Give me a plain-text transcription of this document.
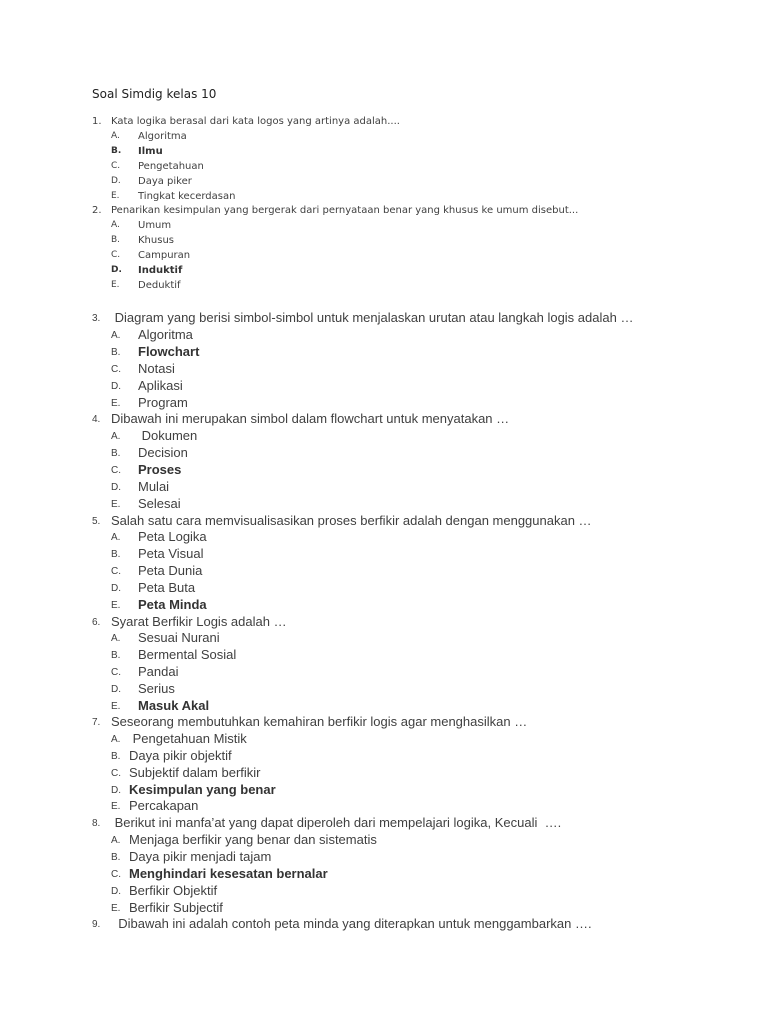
Soal Simdig kelas 10
1. Kata logika berasal dari kata logos yang artinya adalah....
A. Algoritma
B. Ilmu
C. Pengetahuan
D. Daya piker
E. Tingkat kecerdasan
2. Penarikan kesimpulan yang bergerak dari pernyataan benar yang khusus ke umum disebut...
A. Umum
B. Khusus
C. Campuran
D. Induktif
E. Deduktif
3. Diagram yang berisi simbol-simbol untuk menjalaskan urutan atau langkah logis adalah …
A. Algoritma
B. Flowchart
C. Notasi
D. Aplikasi
E. Program
4. Dibawah ini merupakan simbol dalam flowchart untuk menyatakan …
A. Dokumen
B. Decision
C. Proses
D. Mulai
E. Selesai
5. Salah satu cara memvisualisasikan proses berfikir adalah dengan menggunakan …
A. Peta Logika
B. Peta Visual
C. Peta Dunia
D. Peta Buta
E. Peta Minda
6. Syarat Berfikir Logis adalah …
A. Sesuai Nurani
B. Bermental Sosial
C. Pandai
D. Serius
E. Masuk Akal
7. Seseorang membutuhkan kemahiran berfikir logis agar menghasilkan …
A. Pengetahuan Mistik
B. Daya pikir objektif
C. Subjektif dalam berfikir
D. Kesimpulan yang benar
E. Percakapan
8. Berikut ini manfa’at yang dapat diperoleh dari mempelajari logika, Kecuali  ….
A. Menjaga berfikir yang benar dan sistematis
B. Daya pikir menjadi tajam
C. Menghindari kesesatan bernalar
D. Berfikir Objektif
E. Berfikir Subjectif
9. Dibawah ini adalah contoh peta minda yang diterapkan untuk menggambarkan ….
